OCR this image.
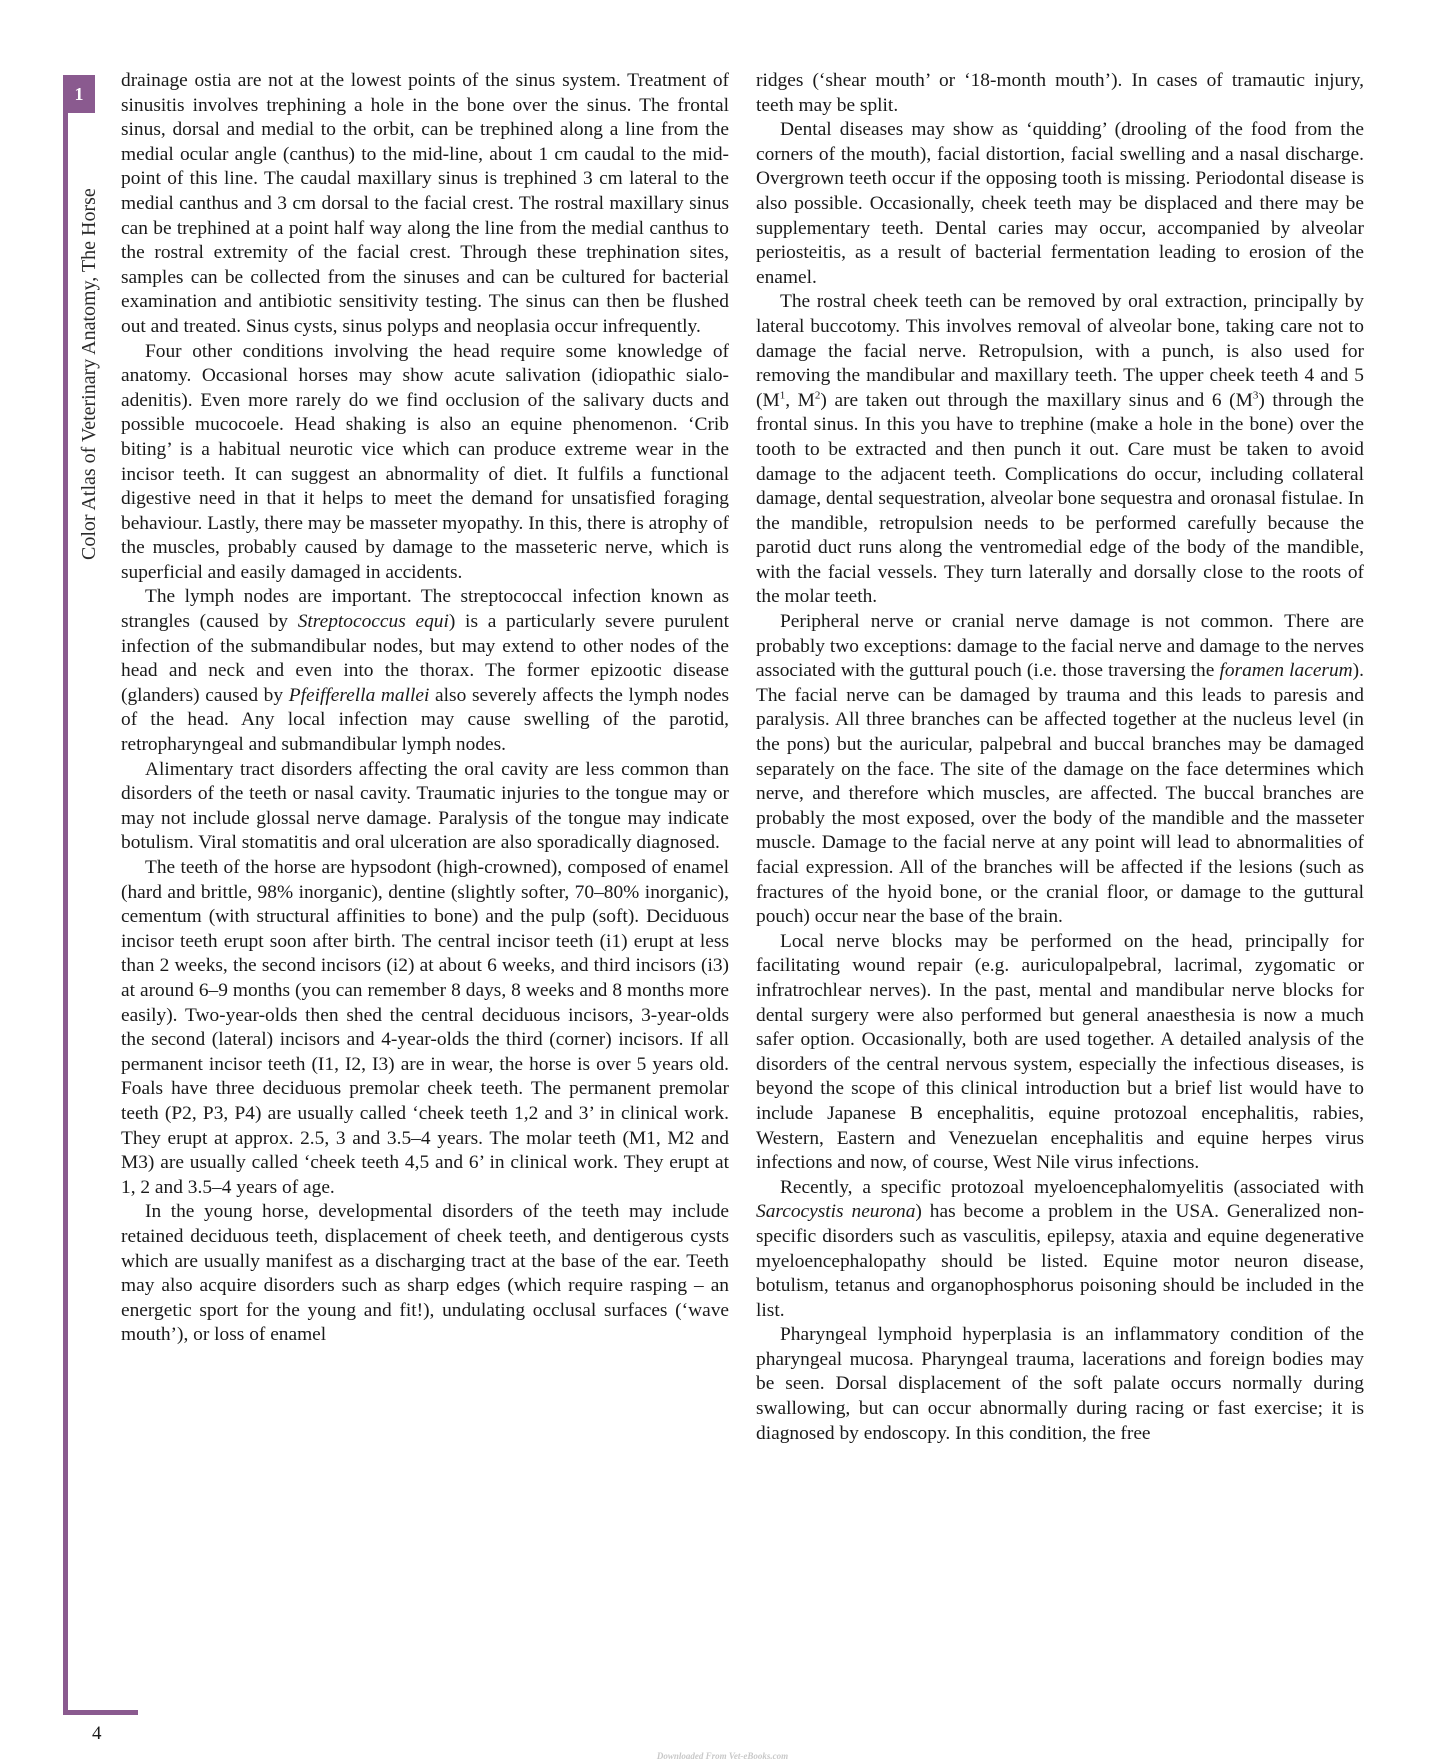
1
Color Atlas of Veterinary Anatomy, The Horse

drainage ostia are not at the lowest points of the sinus system. Treatment of sinusitis involves trephining a hole in the bone over the sinus. The frontal sinus, dorsal and medial to the orbit, can be trephined along a line from the medial ocular angle (canthus) to the mid-line, about 1 cm caudal to the mid-point of this line. The caudal maxillary sinus is trephined 3 cm lateral to the medial canthus and 3 cm dorsal to the facial crest. The rostral maxillary sinus can be trephined at a point half way along the line from the medial canthus to the rostral extremity of the facial crest. Through these trephination sites, samples can be collected from the sinuses and can be cultured for bacterial examination and antibiotic sensitivity testing. The sinus can then be flushed out and treated. Sinus cysts, sinus polyps and neoplasia occur infrequently.

Four other conditions involving the head require some knowledge of anatomy. Occasional horses may show acute salivation (idiopathic sialo-adenitis). Even more rarely do we find occlusion of the salivary ducts and possible mucocoele. Head shaking is also an equine phenomenon. ‘Crib biting’ is a habitual neurotic vice which can produce extreme wear in the incisor teeth. It can suggest an abnormality of diet. It fulfils a functional digestive need in that it helps to meet the demand for unsatisfied foraging behaviour. Lastly, there may be masseter myopathy. In this, there is atrophy of the muscles, probably caused by damage to the masseteric nerve, which is superficial and easily damaged in accidents.

The lymph nodes are important. The streptococcal infection known as strangles (caused by Streptococcus equi) is a particularly severe purulent infection of the submandibular nodes, but may extend to other nodes of the head and neck and even into the thorax. The former epizootic disease (glanders) caused by Pfeifferella mallei also severely affects the lymph nodes of the head. Any local infection may cause swelling of the parotid, retropharyngeal and submandibular lymph nodes.

Alimentary tract disorders affecting the oral cavity are less common than disorders of the teeth or nasal cavity. Traumatic injuries to the tongue may or may not include glossal nerve damage. Paralysis of the tongue may indicate botulism. Viral stomatitis and oral ulceration are also sporadically diagnosed.

The teeth of the horse are hypsodont (high-crowned), composed of enamel (hard and brittle, 98% inorganic), dentine (slightly softer, 70–80% inorganic), cementum (with structural affinities to bone) and the pulp (soft). Deciduous incisor teeth erupt soon after birth. The central incisor teeth (i1) erupt at less than 2 weeks, the second incisors (i2) at about 6 weeks, and third incisors (i3) at around 6–9 months (you can remember 8 days, 8 weeks and 8 months more easily). Two-year-olds then shed the central deciduous incisors, 3-year-olds the second (lateral) incisors and 4-year-olds the third (corner) incisors. If all permanent incisor teeth (I1, I2, I3) are in wear, the horse is over 5 years old. Foals have three deciduous premolar cheek teeth. The permanent premolar teeth (P2, P3, P4) are usually called ‘cheek teeth 1,2 and 3’ in clinical work. They erupt at approx. 2.5, 3 and 3.5–4 years. The molar teeth (M1, M2 and M3) are usually called ‘cheek teeth 4,5 and 6’ in clinical work. They erupt at 1, 2 and 3.5–4 years of age.

In the young horse, developmental disorders of the teeth may include retained deciduous teeth, displacement of cheek teeth, and dentigerous cysts which are usually manifest as a discharging tract at the base of the ear. Teeth may also acquire disorders such as sharp edges (which require rasping – an energetic sport for the young and fit!), undulating occlusal surfaces (‘wave mouth’), or loss of enamel

ridges (‘shear mouth’ or ‘18-month mouth’). In cases of tramautic injury, teeth may be split.

Dental diseases may show as ‘quidding’ (drooling of the food from the corners of the mouth), facial distortion, facial swelling and a nasal discharge. Overgrown teeth occur if the opposing tooth is missing. Periodontal disease is also possible. Occasionally, cheek teeth may be displaced and there may be supplementary teeth. Dental caries may occur, accompanied by alveolar periosteitis, as a result of bacterial fermentation leading to erosion of the enamel.

The rostral cheek teeth can be removed by oral extraction, principally by lateral buccotomy. This involves removal of alveolar bone, taking care not to damage the facial nerve. Retropulsion, with a punch, is also used for removing the mandibular and maxillary teeth. The upper cheek teeth 4 and 5 ($M^1$, $M^2$) are taken out through the maxillary sinus and 6 $(M^3)$ through the frontal sinus. In this you have to trephine (make a hole in the bone) over the tooth to be extracted and then punch it out. Care must be taken to avoid damage to the adjacent teeth. Complications do occur, including collateral damage, dental sequestration, alveolar bone sequestra and oronasal fistulae. In the mandible, retropulsion needs to be performed carefully because the parotid duct runs along the ventromedial edge of the body of the mandible, with the facial vessels. They turn laterally and dorsally close to the roots of the molar teeth.

Peripheral nerve or cranial nerve damage is not common. There are probably two exceptions: damage to the facial nerve and damage to the nerves associated with the guttural pouch (i.e. those traversing the foramen lacerum). The facial nerve can be damaged by trauma and this leads to paresis and paralysis. All three branches can be affected together at the nucleus level (in the pons) but the auricular, palpebral and buccal branches may be damaged separately on the face. The site of the damage on the face determines which nerve, and therefore which muscles, are affected. The buccal branches are probably the most exposed, over the body of the mandible and the masseter muscle. Damage to the facial nerve at any point will lead to abnormalities of facial expression. All of the branches will be affected if the lesions (such as fractures of the hyoid bone, or the cranial floor, or damage to the guttural pouch) occur near the base of the brain.

Local nerve blocks may be performed on the head, principally for facilitating wound repair (e.g. auriculopalpebral, lacrimal, zygomatic or infratrochlear nerves). In the past, mental and mandibular nerve blocks for dental surgery were also performed but general anaesthesia is now a much safer option. Occasionally, both are used together. A detailed analysis of the disorders of the central nervous system, especially the infectious diseases, is beyond the scope of this clinical introduction but a brief list would have to include Japanese B encephalitis, equine protozoal encephalitis, rabies, Western, Eastern and Venezuelan encephalitis and equine herpes virus infections and now, of course, West Nile virus infections.

Recently, a specific protozoal myeloencephalomyelitis (associated with Sarcocystis neurona) has become a problem in the USA. Generalized non-specific disorders such as vasculitis, epilepsy, ataxia and equine degenerative myeloencephalopathy should be listed. Equine motor neuron disease, botulism, tetanus and organophosphorus poisoning should be included in the list.

Pharyngeal lymphoid hyperplasia is an inflammatory condition of the pharyngeal mucosa. Pharyngeal trauma, lacerations and foreign bodies may be seen. Dorsal displacement of the soft palate occurs normally during swallowing, but can occur abnormally during racing or fast exercise; it is diagnosed by endoscopy. In this condition, the free

4
Downloaded From Vet-eBooks.com
